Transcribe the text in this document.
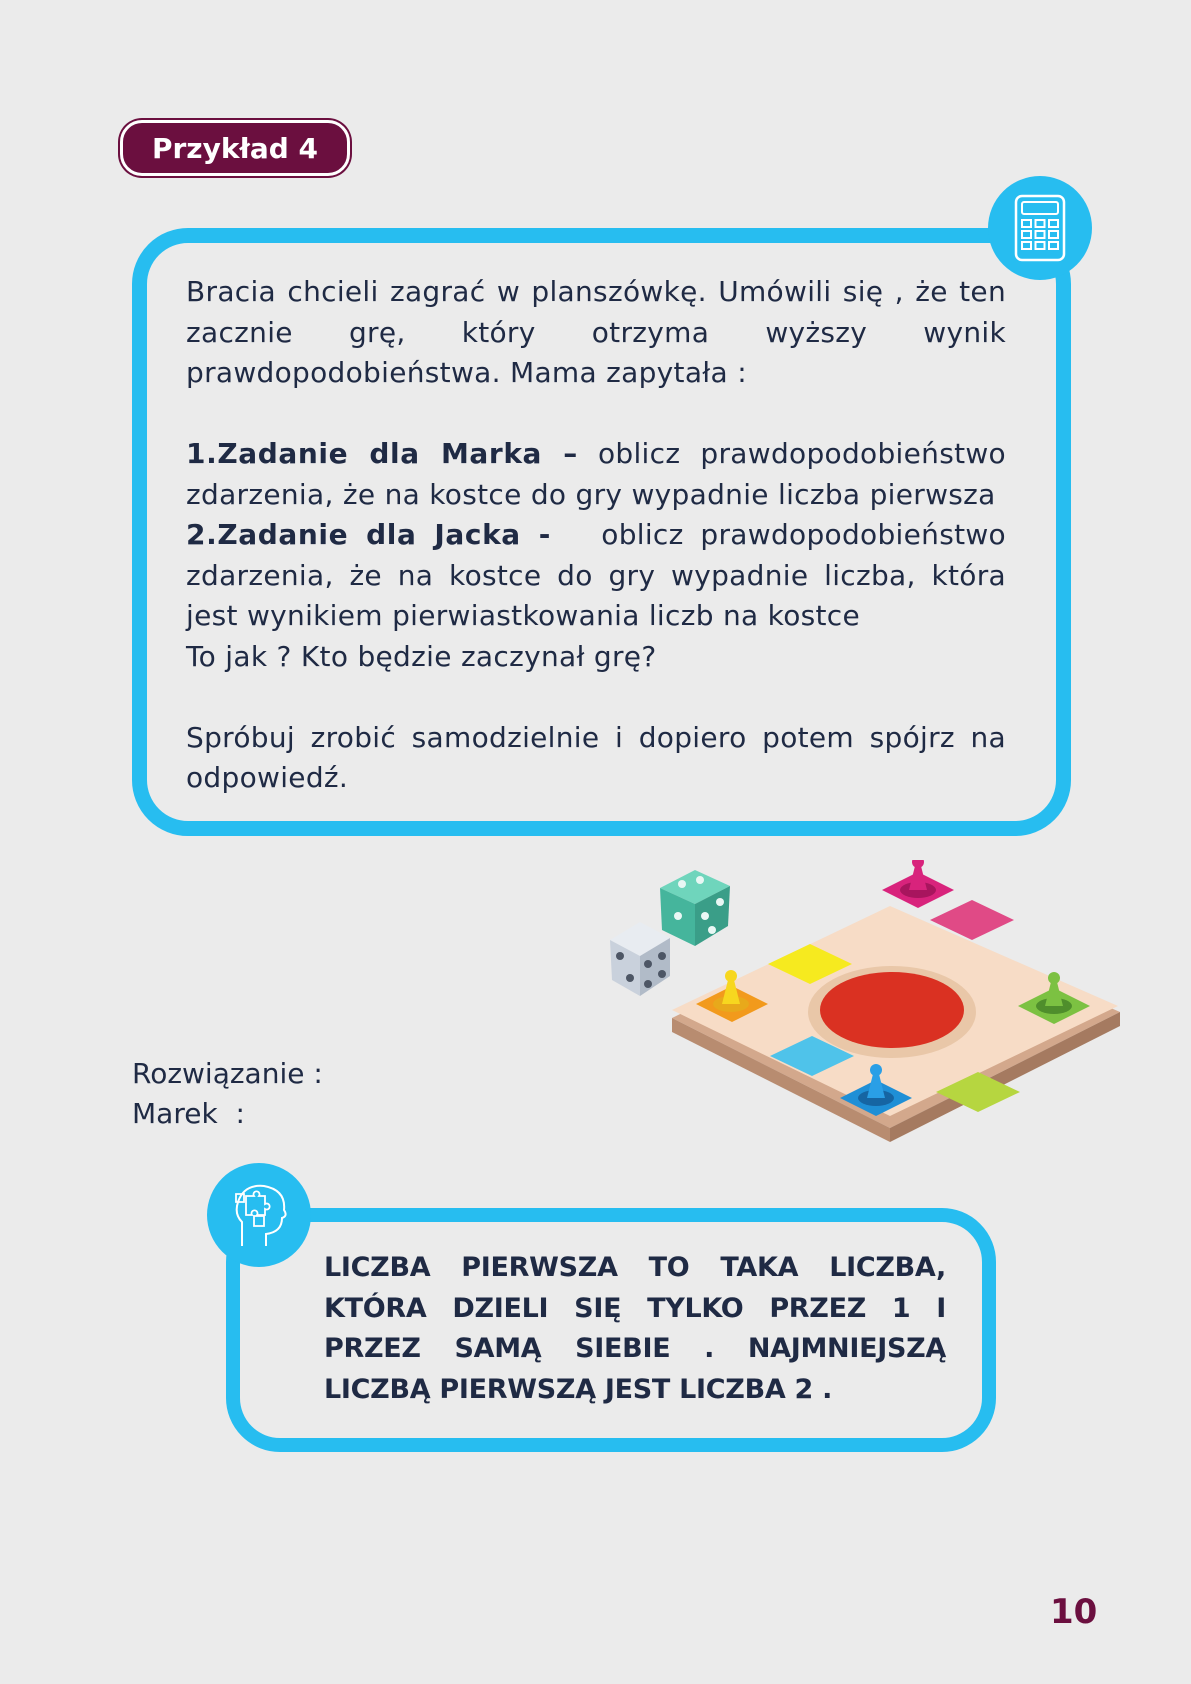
Przykład 4

Bracia chcieli zagrać w planszówkę. Umówili się , że ten zacznie grę, który otrzyma wyższy wynik prawdopodobieństwa. Mama zapytała :

1.Zadanie dla Marka – oblicz prawdopodobieństwo zdarzenia, że na kostce do gry wypadnie liczba pierwsza

2.Zadanie dla Jacka -   oblicz prawdopodobieństwo zdarzenia, że na kostce do gry wypadnie liczba, która jest wynikiem pierwiastkowania liczb na kostce

To jak ? Kto będzie zaczynał grę?

Spróbuj zrobić samodzielnie i dopiero potem spójrz na odpowiedź.

Rozwiązanie :
Marek  :
LICZBA PIERWSZA TO TAKA LICZBA, KTÓRA DZIELI SIĘ TYLKO PRZEZ 1 I PRZEZ SAMĄ SIEBIE . NAJMNIEJSZĄ LICZBĄ PIERWSZĄ JEST LICZBA 2 .
10
